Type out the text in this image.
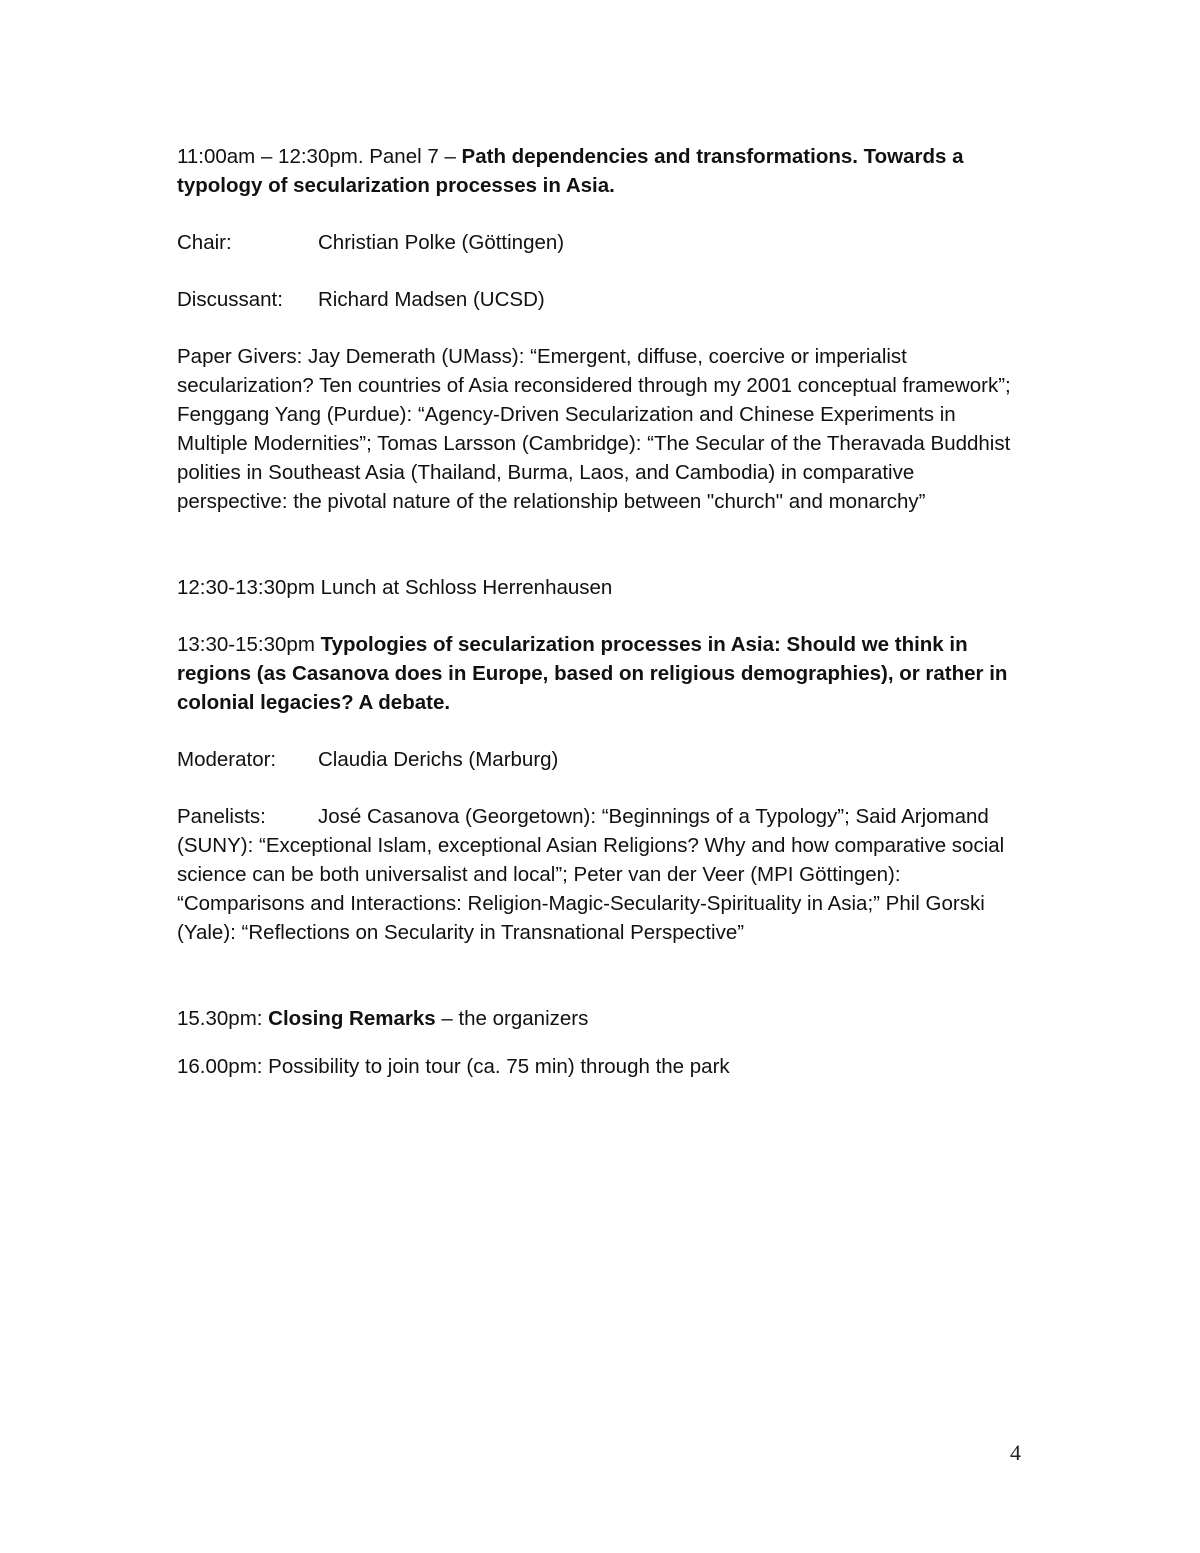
11:00am – 12:30pm. Panel 7 – Path dependencies and transformations. Towards a typology of secularization processes in Asia.

Chair:	Christian Polke (Göttingen)

Discussant:	Richard Madsen (UCSD)

Paper Givers: Jay Demerath (UMass): “Emergent, diffuse, coercive or imperialist secularization? Ten countries of Asia reconsidered through my 2001 conceptual framework”; Fenggang Yang (Purdue): “Agency-Driven Secularization and Chinese Experiments in Multiple Modernities”; Tomas Larsson (Cambridge): “The Secular of the Theravada Buddhist polities in Southeast Asia (Thailand, Burma, Laos, and Cambodia) in comparative perspective: the pivotal nature of the relationship between "church" and monarchy”

12:30-13:30pm Lunch at Schloss Herrenhausen

13:30-15:30pm Typologies of secularization processes in Asia: Should we think in regions (as Casanova does in Europe, based on religious demographies), or rather in colonial legacies? A debate.

Moderator:	Claudia Derichs (Marburg)

Panelists:	José Casanova (Georgetown): “Beginnings of a Typology”; Said Arjomand (SUNY): “Exceptional Islam, exceptional Asian Religions? Why and how comparative social science can be both universalist and local”; Peter van der Veer (MPI Göttingen): “Comparisons and Interactions: Religion-Magic-Secularity-Spirituality in Asia;” Phil Gorski (Yale): “Reflections on Secularity in Transnational Perspective”

15.30pm: Closing Remarks – the organizers

16.00pm: Possibility to join tour (ca. 75 min) through the park

4
